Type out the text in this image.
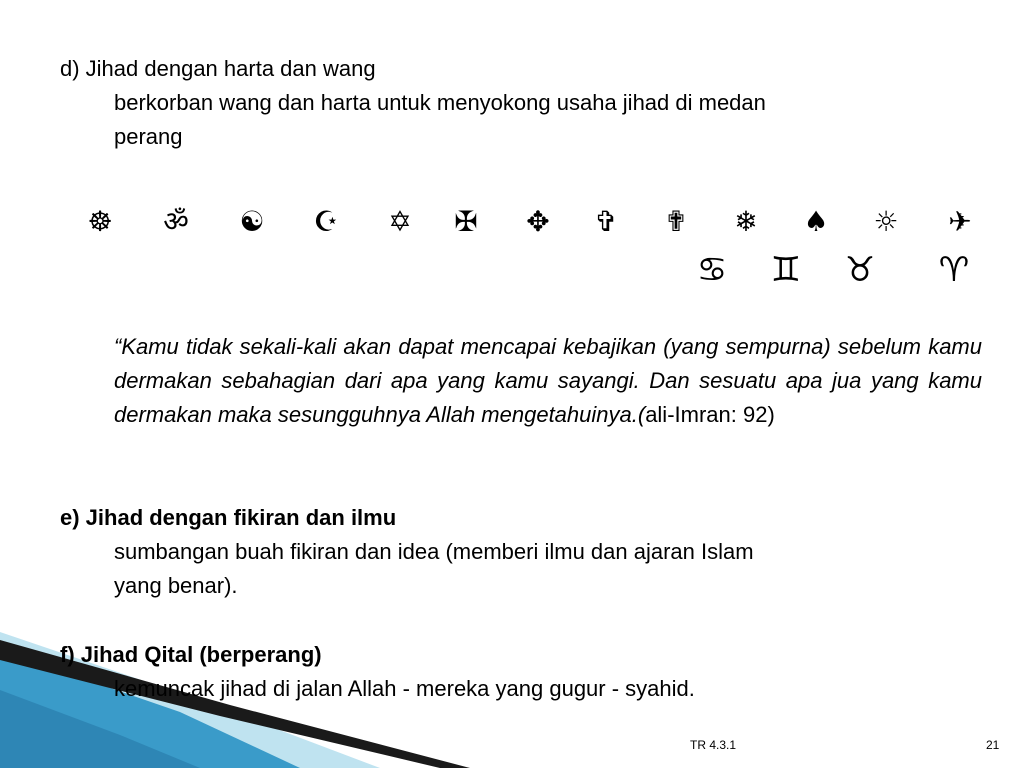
d) Jihad dengan harta dan wang
berkorban wang dan harta untuk menyokong usaha jihad di medan
perang
☸ ॐ ☯ ☪ ✡ ✠ ✥ ✞ ✟ ❄ ♠ ☼ ✈
♋ ♊ ♉ ♈
“Kamu tidak sekali-kali akan dapat mencapai kebajikan (yang sempurna) sebelum kamu dermakan sebahagian dari apa yang kamu sayangi. Dan sesuatu apa jua yang kamu dermakan maka sesungguhnya Allah mengetahuinya.(ali-Imran: 92)
e) Jihad dengan fikiran dan ilmu
sumbangan buah fikiran dan idea (memberi ilmu dan ajaran Islam
yang benar).
f) Jihad Qital (berperang)
kemuncak jihad di jalan Allah - mereka yang gugur - syahid.
TR 4.3.1	21
